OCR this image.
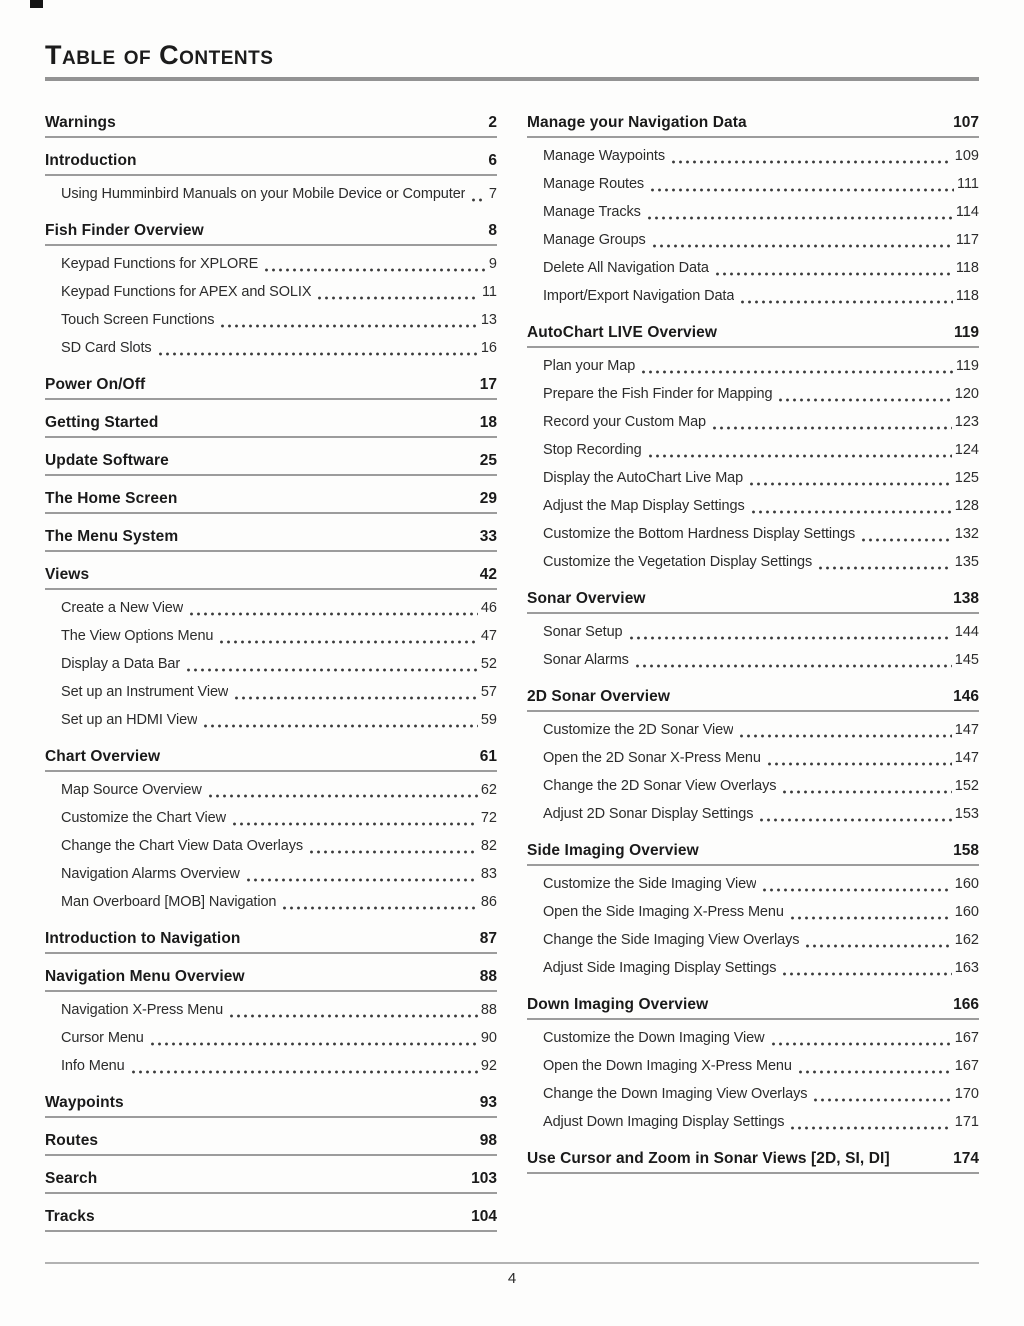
Table of Contents
Warnings	2
Introduction	6
Using Humminbird Manuals on your Mobile Device or Computer 7
Fish Finder Overview	8
Keypad Functions for XPLORE	9
Keypad Functions for APEX and SOLIX	11
Touch Screen Functions	13
SD Card Slots	16
Power On/Off	17
Getting Started	18
Update Software	25
The Home Screen	29
The Menu System	33
Views	42
Create a New View	46
The View Options Menu	47
Display a Data Bar	52
Set up an Instrument View	57
Set up an HDMI View	59
Chart Overview	61
Map Source Overview	62
Customize the Chart View	72
Change the Chart View Data Overlays	82
Navigation Alarms Overview	83
Man Overboard [MOB] Navigation	86
Introduction to Navigation	87
Navigation Menu Overview	88
Navigation X-Press Menu	88
Cursor Menu	90
Info Menu	92
Waypoints	93
Routes	98
Search	103
Tracks	104
Manage your Navigation Data	107
Manage Waypoints	109
Manage Routes	111
Manage Tracks	114
Manage Groups	117
Delete All Navigation Data	118
Import/Export Navigation Data	118
AutoChart LIVE Overview	119
Plan your Map	119
Prepare the Fish Finder for Mapping	120
Record your Custom Map	123
Stop Recording	124
Display the AutoChart Live Map	125
Adjust the Map Display Settings	128
Customize the Bottom Hardness Display Settings	132
Customize the Vegetation Display Settings	135
Sonar Overview	138
Sonar Setup	144
Sonar Alarms	145
2D Sonar Overview	146
Customize the 2D Sonar View	147
Open the 2D Sonar X-Press Menu	147
Change the 2D Sonar View Overlays	152
Adjust 2D Sonar Display Settings	153
Side Imaging Overview	158
Customize the Side Imaging View	160
Open the Side Imaging X-Press Menu	160
Change the Side Imaging View Overlays	162
Adjust Side Imaging Display Settings	163
Down Imaging Overview	166
Customize the Down Imaging View	167
Open the Down Imaging X-Press Menu	167
Change the Down Imaging View Overlays	170
Adjust Down Imaging Display Settings	171
Use Cursor and Zoom in Sonar Views [2D, SI, DI]	174
4
